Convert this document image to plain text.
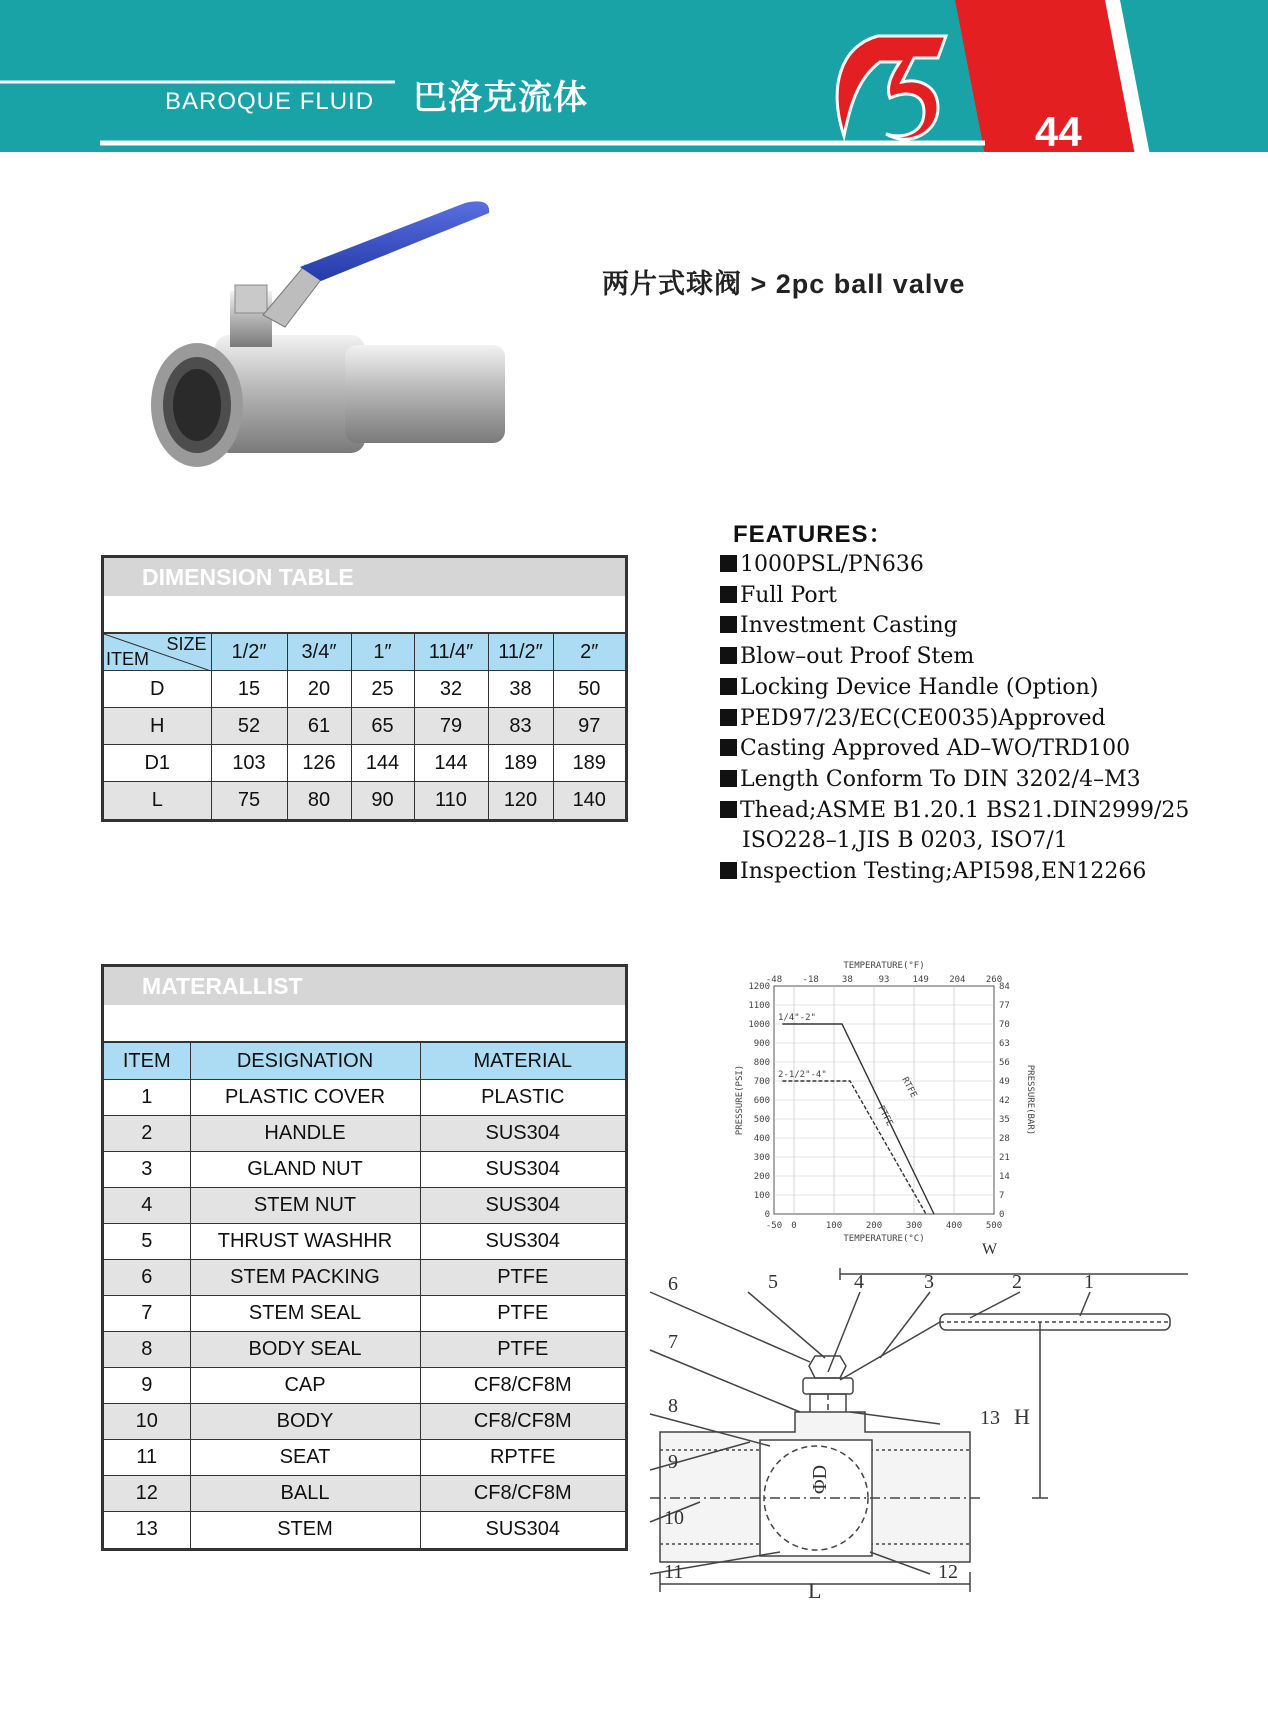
BAROQUE FLUID 巴洛克流体
44
两片式球阀 > 2pc ball valve
FEATURES：
1000PSL/PN636
Full Port
Investment Casting
Blow–out Proof Stem
Locking Device Handle (Option)
PED97/23/EC(CE0035)Approved
Casting Approved AD–WO/TRD100
Length Conform To DIN 3202/4–M3
Thead;ASME B1.20.1 BS21.DIN2999/25
ISO228–1,JIS B 0203, ISO7/1
Inspection Testing;API598,EN12266
DIMENSION TABLE
SIZE
ITEM	1/2″	3/4″	1″	11/4″	11/2″	2″
D	15	20	25	32	38	50
H	52	61	65	79	83	97
D1	103	126	144	144	189	189
L	75	80	90	110	120	140
MATERALLIST
ITEM	DESIGNATION	MATERIAL
1	PLASTIC COVER	PLASTIC
2	HANDLE	SUS304
3	GLAND NUT	SUS304
4	STEM NUT	SUS304
5	THRUST WASHHR	SUS304
6	STEM PACKING	PTFE
7	STEM SEAL	PTFE
8	BODY SEAL	PTFE
9	CAP	CF8/CF8M
10	BODY	CF8/CF8M
11	SEAT	RPTFE
12	BALL	CF8/CF8M
13	STEM	SUS304
-50 0	100	200	300	400	500
-48 -18	38	93	149 204 260
1200
1100
1000
900
800
700
600
500
400
300
200
100
0
84
77
70
63
56
49
42
35
28
21
14
7
0
TEMPERATURE(°F)
TEMPERATURE(°C)
PRESSURE(PSI)	PRESSURE(BAR)
W
RTFE
1/4"-2"
PTFE
2-1/2"-4"
1
2
3
4
5
6
7
8
9
10
11	12
13 H
L
ΦD
